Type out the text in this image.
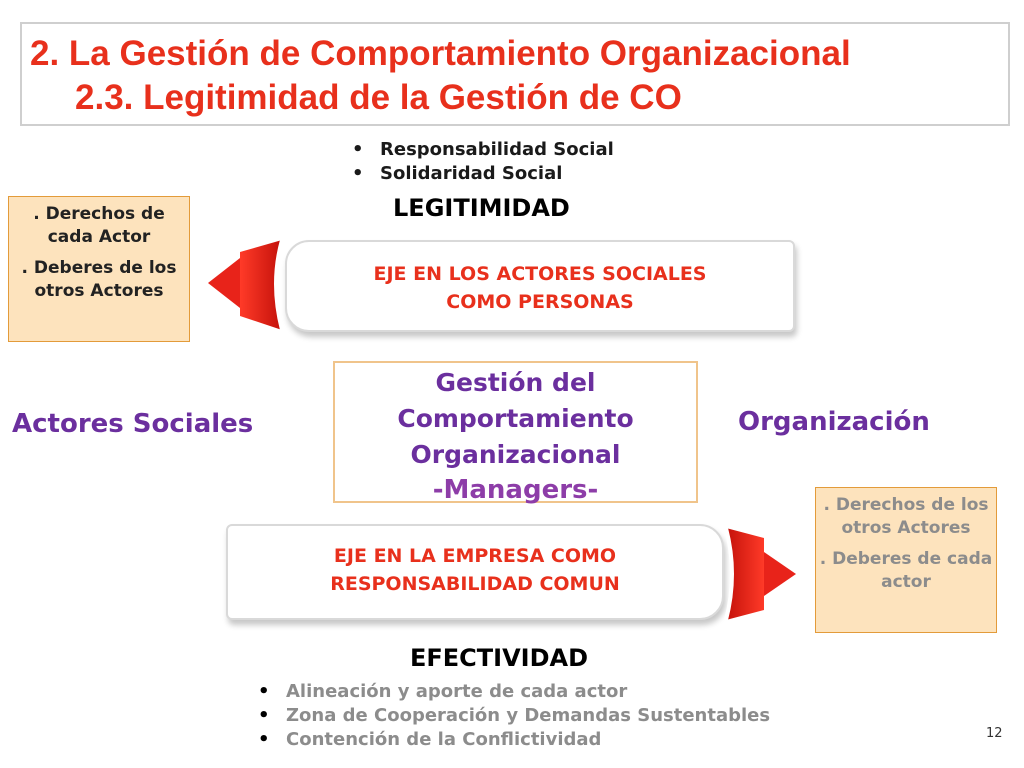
2. La Gestión de Comportamiento Organizacional
2.3. Legitimidad de la Gestión de CO
• Responsabilidad Social
• Solidaridad Social
LEGITIMIDAD

. Derechos de cada Actor

. Deberes de los otros Actores

EJE EN LOS ACTORES SOCIALES
COMO PERSONAS
Gestión del
Comportamiento
Organizacional
-Managers-
Actores Sociales	Organización

. Derechos de los otros Actores

. Deberes de cada actor

EJE EN LA EMPRESA COMO
RESPONSABILIDAD COMUN
EFECTIVIDAD
• Alineación y aporte de cada actor
• Zona de Cooperación y Demandas Sustentables
• Contención de la Conflictividad	12
